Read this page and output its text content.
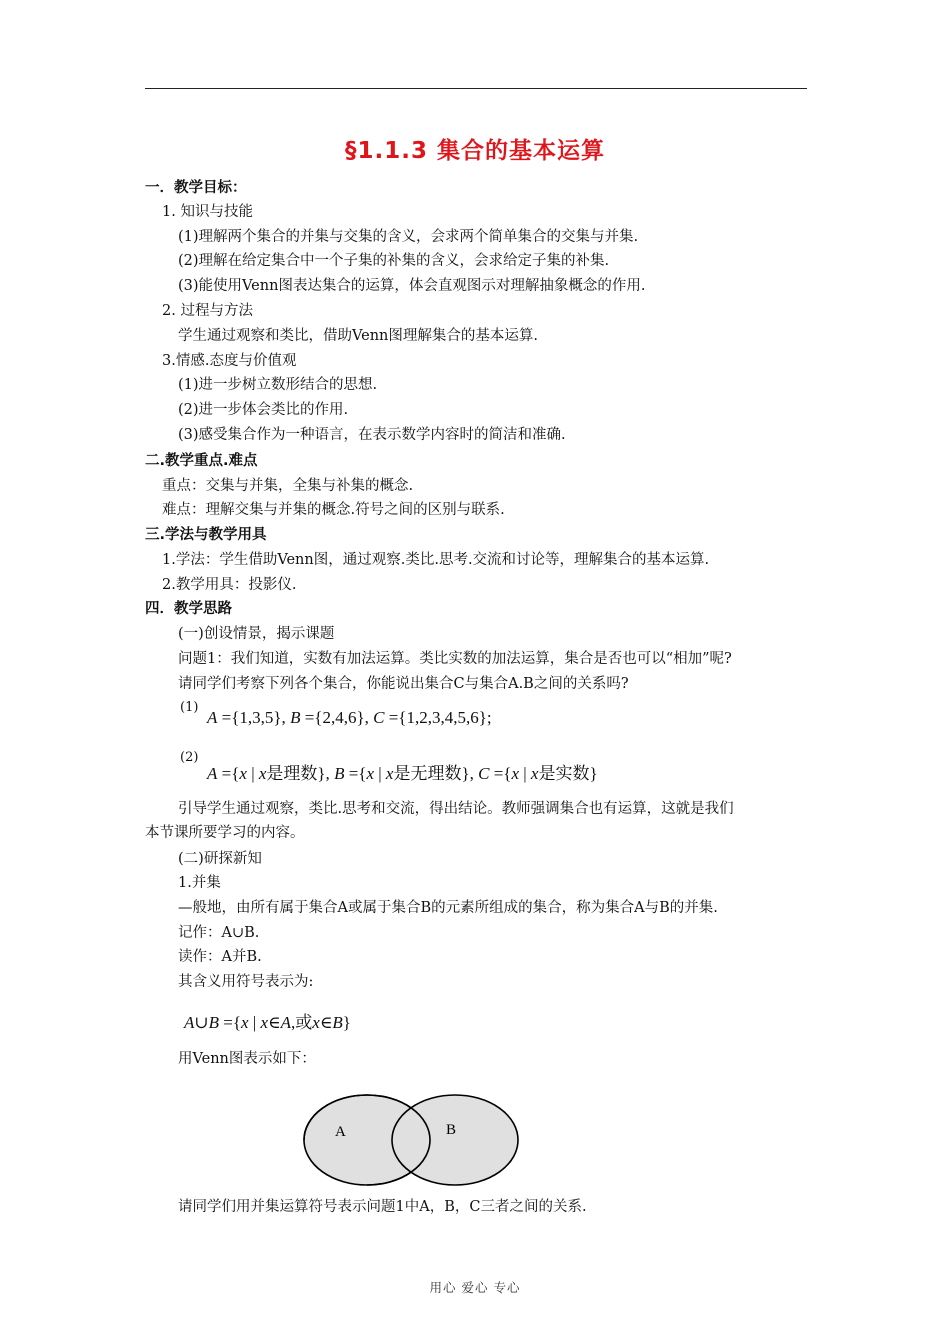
§1.1.3 集合的基本运算
一．教学目标：
1. 知识与技能
(1)理解两个集合的并集与交集的含义，会求两个简单集合的交集与并集.
(2)理解在给定集合中一个子集的补集的含义，会求给定子集的补集.
(3)能使用Venn图表达集合的运算，体会直观图示对理解抽象概念的作用.
2. 过程与方法
学生通过观察和类比，借助Venn图理解集合的基本运算.
3.情感.态度与价值观
(1)进一步树立数形结合的思想.
(2)进一步体会类比的作用.
(3)感受集合作为一种语言，在表示数学内容时的简洁和准确.
二.教学重点.难点
重点：交集与并集，全集与补集的概念.
难点：理解交集与并集的概念.符号之间的区别与联系.
三.学法与教学用具
1.学法：学生借助Venn图，通过观察.类比.思考.交流和讨论等，理解集合的基本运算.
2.教学用具：投影仪.
四．教学思路
(一)创设情景，揭示课题
问题1：我们知道，实数有加法运算。类比实数的加法运算，集合是否也可以“相加”呢?
请同学们考察下列各个集合，你能说出集合C与集合A.B之间的关系吗?
(1)
A ={1,3,5}, B ={2,4,6}, C ={1,2,3,4,5,6};
(2)
A ={x | x是理数}, B ={x | x是无理数}, C ={x | x是实数}
引导学生通过观察，类比.思考和交流，得出结论。教师强调集合也有运算，这就是我们
本节课所要学习的内容。
(二)研探新知
1.并集
—般地，由所有属于集合A或属于集合B的元素所组成的集合，称为集合A与B的并集.
记作：A∪B.
读作：A并B.
其含义用符号表示为:
A∪B ={x | x∈A,或x∈B}
用Venn图表示如下：
A	B
请同学们用并集运算符号表示问题1中A，B，C三者之间的关系.
用心 爱心 专心
